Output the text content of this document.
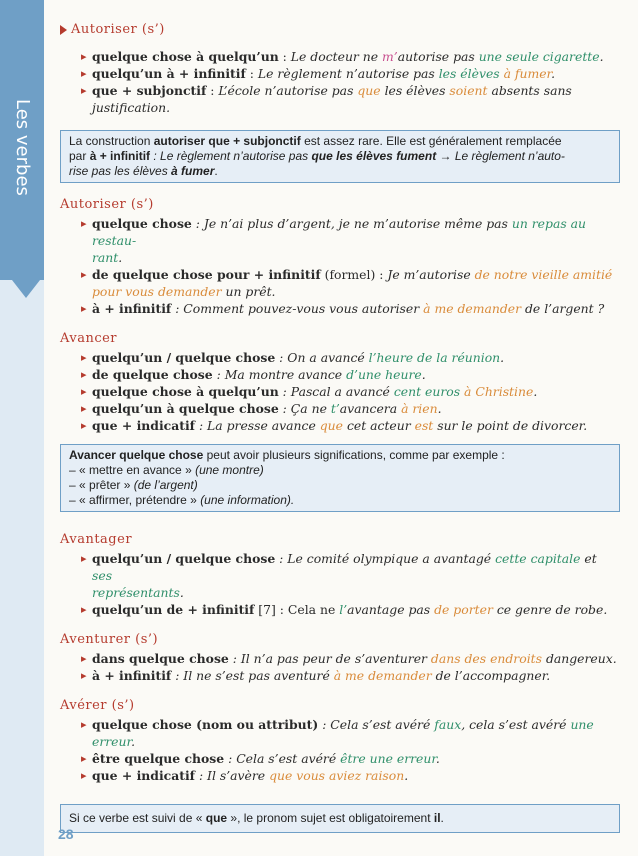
Les verbes
Autoriser (s’)
▸ quelque chose à quelqu’un : Le docteur ne m’autorise pas une seule cigarette.
▸ quelqu’un à + infinitif : Le règlement n’autorise pas les élèves à fumer.
▸ que + subjonctif : L’école n’autorise pas que les élèves soient absents sans justification.
La construction autoriser que + subjonctif est assez rare. Elle est généralement remplacée
par à + infinitif : Le règlement n’autorise pas que les élèves fument → Le règlement n’auto-
rise pas les élèves à fumer.
Autoriser (s’)
▸ quelque chose : Je n’ai plus d’argent, je ne m’autorise même pas un repas au restau-
rant.
▸ de quelque chose pour + infinitif (formel) : Je m’autorise de notre vieille amitié
pour vous demander un prêt.
▸ à + infinitif : Comment pouvez-vous vous autoriser à me demander de l’argent ?
Avancer
▸ quelqu’un / quelque chose : On a avancé l’heure de la réunion.
▸ de quelque chose : Ma montre avance d’une heure.
▸ quelque chose à quelqu’un : Pascal a avancé cent euros à Christine.
▸ quelqu’un à quelque chose : Ça ne t’avancera à rien.
▸ que + indicatif : La presse avance que cet acteur est sur le point de divorcer.
Avancer quelque chose peut avoir plusieurs significations, comme par exemple :
– « mettre en avance » (une montre)
– « prêter » (de l’argent)
– « affirmer, prétendre » (une information).
Avantager
▸ quelqu’un / quelque chose : Le comité olympique a avantagé cette capitale et ses
représentants.
▸ quelqu’un de + infinitif [7] : Cela ne l’avantage pas de porter ce genre de robe.
Aventurer (s’)
▸ dans quelque chose : Il n’a pas peur de s’aventurer dans des endroits dangereux.
▸ à + infinitif : Il ne s’est pas aventuré à me demander de l’accompagner.
Avérer (s’)
▸ quelque chose (nom ou attribut) : Cela s’est avéré faux, cela s’est avéré une erreur.
▸ être quelque chose : Cela s’est avéré être une erreur.
▸ que + indicatif : Il s’avère que vous aviez raison.
Si ce verbe est suivi de « que », le pronom sujet est obligatoirement il.
28
